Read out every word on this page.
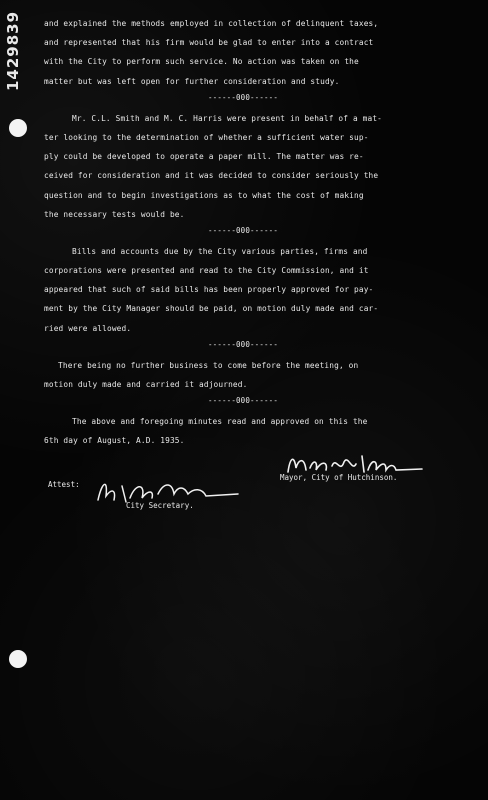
1429839	and explained the methods employed in collection of delinquent taxes,
and represented that his firm would be glad to enter into a contract
with the City to perform such service. No action was taken on the
matter but was left open for further consideration and study.
------000------
Mr. C.L. Smith and M. C. Harris were present in behalf of a mat-
ter looking to the determination of whether a sufficient water sup-
ply could be developed to operate a paper mill. The matter was re-
ceived for consideration and it was decided to consider seriously the
question and to begin investigations as to what the cost of making
the necessary tests would be.
------000------
Bills and accounts due by the City various parties, firms and
corporations were presented and read to the City Commission, and it
appeared that such of said bills has been properly approved for pay-
ment by the City Manager should be paid, on motion duly made and car-
ried were allowed.
------000------
There being no further business to come before the meeting, on
motion duly made and carried it adjourned.
------000------
The above and foregoing minutes read and approved on this the
6th day of August, A.D. 1935.
Mayor, City of Hutchinson.
Attest:
City Secretary.
